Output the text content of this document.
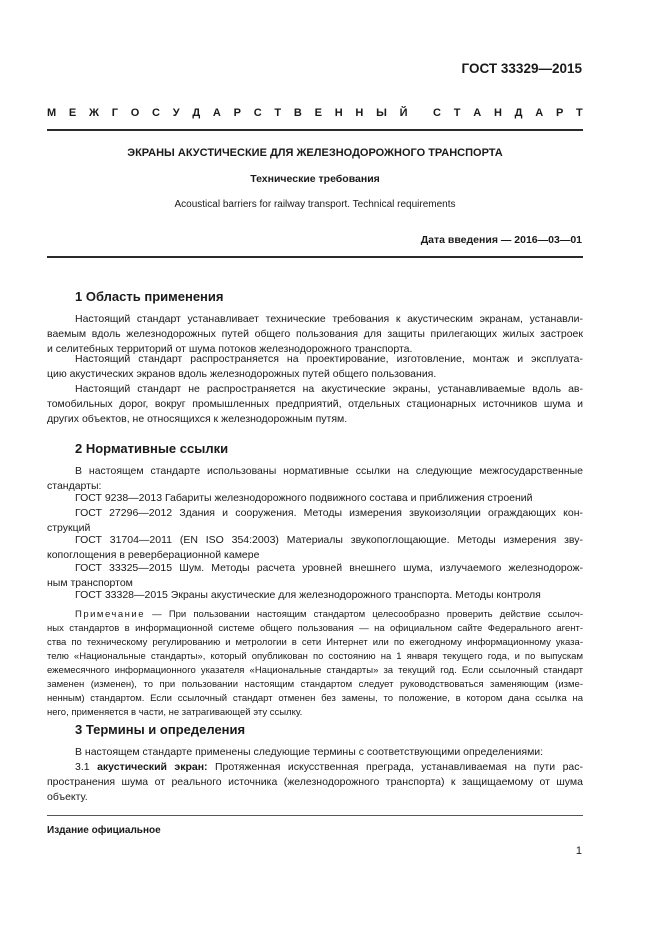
ГОСТ 33329—2015
М Е Ж Г О С У Д А Р С Т В Е Н Н Ы Й С Т А Н Д А Р Т
ЭКРАНЫ АКУСТИЧЕСКИЕ ДЛЯ ЖЕЛЕЗНОДОРОЖНОГО ТРАНСПОРТА
Технические требования
Acoustical barriers for railway transport. Technical requirements
Дата введения — 2016—03—01
1 Область применения
Настоящий стандарт устанавливает технические требования к акустическим экранам, устанавли-
ваемым вдоль железнодорожных путей общего пользования для защиты прилегающих жилых застроек
и селитебных территорий от шума потоков железнодорожного транспорта.
Настоящий стандарт распространяется на проектирование, изготовление, монтаж и эксплуата-
цию акустических экранов вдоль железнодорожных путей общего пользования.
Настоящий стандарт не распространяется на акустические экраны, устанавливаемые вдоль ав-
томобильных дорог, вокруг промышленных предприятий, отдельных стационарных источников шума и
других объектов, не относящихся к железнодорожным путям.
2 Нормативные ссылки
В настоящем стандарте использованы нормативные ссылки на следующие межгосударственные
стандарты:
ГОСТ 9238—2013 Габариты железнодорожного подвижного состава и приближения строений
ГОСТ 27296—2012 Здания и сооружения. Методы измерения звукоизоляции ограждающих кон-
струкций
ГОСТ 31704—2011 (EN ISO 354:2003) Материалы звукопоглощающие. Методы измерения зву-
копоглощения в реверберационной камере
ГОСТ 33325—2015 Шум. Методы расчета уровней внешнего шума, излучаемого железнодорож-
ным транспортом
ГОСТ 33328—2015 Экраны акустические для железнодорожного транспорта. Методы контроля
Примечание — При пользовании настоящим стандартом целесообразно проверить действие ссылоч-
ных стандартов в информационной системе общего пользования — на официальном сайте Федерального агент-
ства по техническому регулированию и метрологии в сети Интернет или по ежегодному информационному указа-
телю «Национальные стандарты», который опубликован по состоянию на 1 января текущего года, и по выпускам
ежемесячного информационного указателя «Национальные стандарты» за текущий год. Если ссылочный стандарт
заменен (изменен), то при пользовании настоящим стандартом следует руководствоваться заменяющим (изме-
ненным) стандартом. Если ссылочный стандарт отменен без замены, то положение, в котором дана ссылка на
него, применяется в части, не затрагивающей эту ссылку.
3 Термины и определения
В настоящем стандарте применены следующие термины с соответствующими определениями:
3.1 акустический экран: Протяженная искусственная преграда, устанавливаемая на пути рас-
пространения шума от реального источника (железнодорожного транспорта) к защищаемому от шума
объекту.
Издание официальное
1
